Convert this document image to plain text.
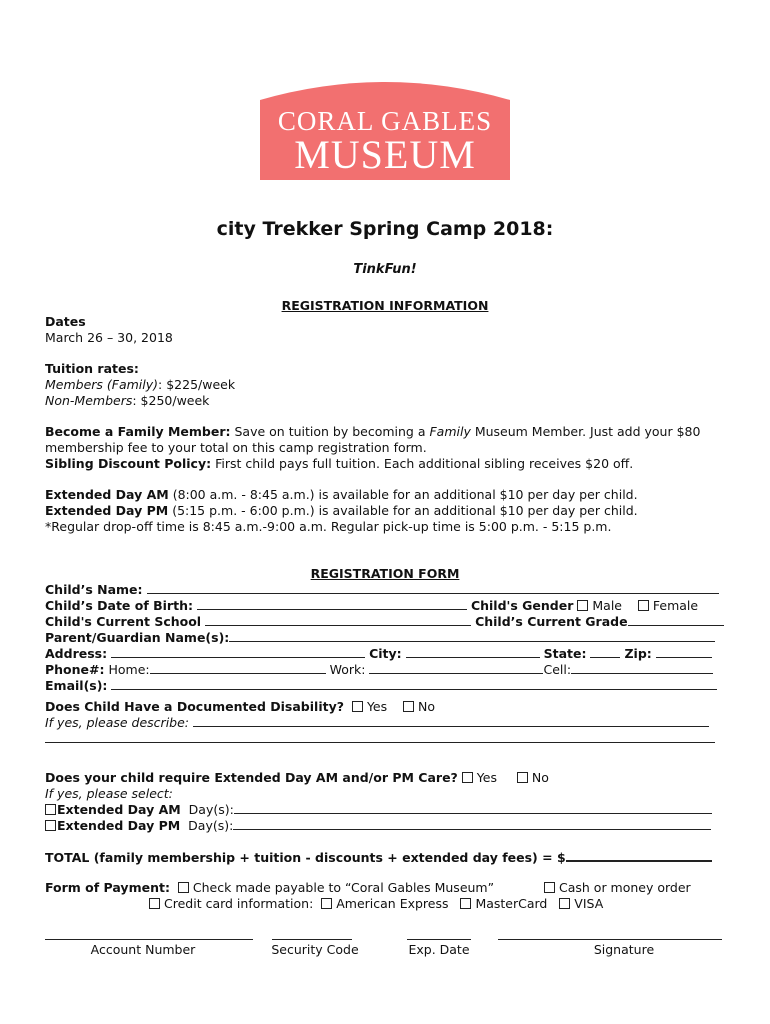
CORAL GABLES
MUSEUM
city Trekker Spring Camp 2018:
TinkFun!
REGISTRATION INFORMATION
Dates
March 26 – 30, 2018
Tuition rates:
Members (Family): $225/week
Non-Members: $250/week
Become a Family Member: Save on tuition by becoming a Family Museum Member. Just add your $80
membership fee to your total on this camp registration form.
Sibling Discount Policy: First child pays full tuition. Each additional sibling receives $20 off.
Extended Day AM (8:00 a.m. - 8:45 a.m.) is available for an additional $10 per day per child.
Extended Day PM (5:15 p.m. - 6:00 p.m.) is available for an additional $10 per day per child.
*Regular drop-off time is 8:45 a.m.-9:00 a.m. Regular pick-up time is 5:00 p.m. - 5:15 p.m.
REGISTRATION FORM
Child’s Name:
Child’s Date of Birth:	Child's Gender Male Female
Child's Current School	Child’s Current Grade
Parent/Guardian Name(s):
Address:	City:	State:	Zip:
Phone#: Home:	Work:	Cell:
Email(s):
Does Child Have a Documented Disability? Yes No
If yes, please describe:
Does your child require Extended Day AM and/or PM Care? Yes	No
If yes, please select:
Extended Day AM Day(s):
Extended Day PM Day(s):
TOTAL (family membership + tuition - discounts + extended day fees) = $
Form of Payment: Check made payable to “Coral Gables Museum”	Cash or money order
Credit card information: American Express MasterCard VISA
Account Number	Security Code	Exp. Date	Signature
